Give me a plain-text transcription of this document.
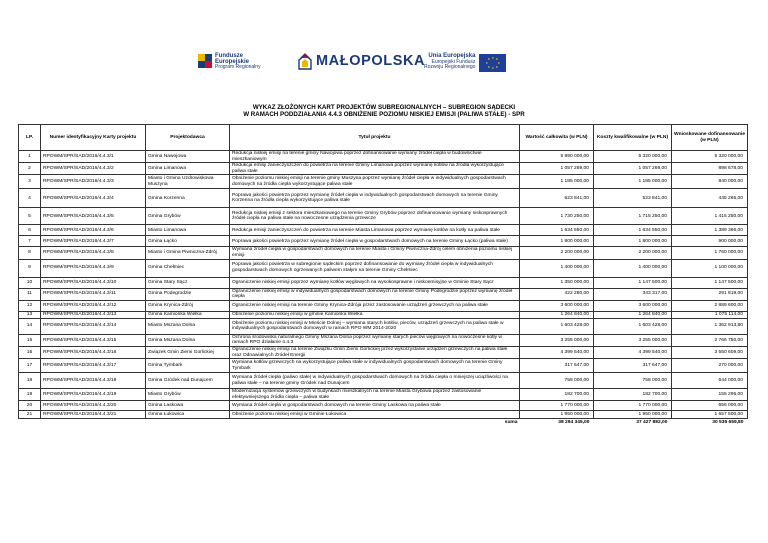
Fundusze
Europejskie
Program Regionalny	MAŁOPOLSKA Unia Europejska
Europejski Fundusz
Rozwoju Regionalnego
★ ★
★
★
★
★
★
★
WYKAZ ZŁOŻONYCH KART PROJEKTÓW SUBREGIONALNYCH – SUBREGION SĄDECKI
W RAMACH PODDZIAŁANIA 4.4.3 OBNIŻENIE POZIOMU NISKIEJ EMISJI (PALIWA STAŁE) - SPR
LP.	Numer identyfikacyjny Karty projektu	Projektodawca	Tytuł projektu	Wartość całkowita (w PLN)	Koszty kwalifikowalne (w PLN)	Wnioskowane dofinansowanie (w PLN)
1	RPOWM/SPR/SAD/2016/4.4.3/1	Gmina Nawojowa	Redukcja niskiej emisji na terenie gminy Nawojowa poprzez dofinansowanie wymiany źródeł ciepła w budownictwie mieszkaniowym	5 890 000,00	5 320 000,00	5 320 000,00
2	RPOWM/SPR/SAD/2016/4.4.3/2	Gmina Limanowa	Redukcja emisji zanieczyszczeń do powietrza na terenie Gminy Limanowa poprzez wymianę kotłów na źródła wykorzystujące paliwa stałe	1 057 269,00	1 057 269,00	898 678,00
3	RPOWM/SPR/SAD/2016/4.4.3/3	Miasto i Gmina Uzdrowiskowa Muszyna	Obniżenie poziomu niskiej emisji na terenie gminy Muszyna poprzez wymianę źródeł ciepła w indywidualnych gospodarstwach domowych na źródła ciepła wykorzystujące paliwa stałe	1 185 000,00	1 185 000,00	840 000,00
4	RPOWM/SPR/SAD/2016/4.4.3/4	Gmina Korzenna	Poprawa jakości powietrza poprzez wymianę źródeł ciepła w indywidualnych gospodarstwach domowych na terenie Gminy Korzenna na źródła ciepła wykorzystujące paliwa stałe	523 841,00	523 841,00	445 265,00
5	RPOWM/SPR/SAD/2016/4.4.3/5	Gmina Grybów	Redukcja niskiej emisji z sektora mieszkaniowego na terenie Gminy Grybów poprzez dofinansowanie wymiany niskosprawnych źródeł ciepła na paliwa stałe na nowoczesne urządzenia grzewcze	1 730 250,00	1 715 250,00	1 415 250,00
6	RPOWM/SPR/SAD/2016/4.4.3/6	Miasto Limanowa	Redukcja emisji zanieczyszczeń do powietrza na terenie Miasta Limanowa poprzez wymianę kotłów na kotły na paliwa stałe	1 634 550,00	1 634 550,00	1 389 366,00
7	RPOWM/SPR/SAD/2016/4.4.3/7	Gmina Łącko	Poprawa jakości powietrza poprzez wymianę źródeł ciepła w gospodarstwach domowych na terenie Gminy Łącko (paliwa stałe)	1 800 000,00	1 800 000,00	900 000,00
8	RPOWM/SPR/SAD/2016/4.4.3/8	Miasto i Gmina Piwniczna-Zdrój	Wymiana źródeł ciepła w gospodarstwach domowych na terenie Miasta i Gminy Piwniczna-Zdrój celem obniżenia poziomu niskiej emisji	2 200 000,00	2 200 000,00	1 760 000,00
9	RPOWM/SPR/SAD/2016/4.4.3/9	Gmina Chełmiec	Poprawa jakości powietrza w subregionie sądeckim poprzez dofinansowanie do wymiany źródeł ciepła w indywidualnych gospodarstwach domowych ogrzewanych paliwem stałym na terenie Gminy Chełmiec	1 400 000,00	1 400 000,00	1 100 000,00
10	RPOWM/SPR/SAD/2016/4.4.3/10	Gmina Stary Sącz	Ograniczenie niskiej emisji poprzez wymianę kotłów węglowych na wysokosprawne i niskoemisyjne w Gminie Stary Sącz	1 350 000,00	1 147 500,00	1 147 500,00
11	RPOWM/SPR/SAD/2016/4.4.3/11	Gmina Podegrodzie	Ograniczenie niskiej emisji w indywidualnych gospodarstwach domowych na terenie Gminy Podegrodzie poprzez wymianę źródeł ciepła	422 280,00	343 317,00	291 819,00
12	RPOWM/SPR/SAD/2016/4.4.3/12	Gmina Krynica-Zdrój	Ograniczenie niskiej emisji na terenie Gminy Krynica-Zdrója przez zastosowanie urządzeń grzewczych na paliwa stałe	3 600 000,00	3 600 000,00	2 889 600,00
13	RPOWM/SPR/SAD/2016/4.4.3/13	Gmina Kamionka Wielka	Obniżenie poziomu niskiej emisji w gminie Kamionka Wielka	1 264 840,00	1 264 840,00	1 075 114,00
14	RPOWM/SPR/SAD/2016/4.4.3/14	Miasto Mszana Dolna	Obniżenie poziomu niskiej emisji w Mieście Dolnej – wymiana starych kotłów, pieców, urządzeń grzewczych na paliwa stałe w indywidualnych gospodarstwach domowych w ramach RPO WM 2014-2020	1 603 428,00	1 603 428,00	1 362 913,80
15	RPOWM/SPR/SAD/2016/4.4.3/15	Gmina Mszana Dolna	Ochrona środowiska naturalnego Gminy Mszana Dolna poprzez wymianę starych pieców węglowych na nowoczesne kotły w ramach RPO działanie 4.4.3	3 255 000,00	3 255 000,00	2 766 750,00
16	RPOWM/SPR/SAD/2016/4.4.3/16	Związek Gmin Ziemi Gorlickiej	Ograniczenie niskiej emisji na terenie Związku Gmin Ziemi Gorlickiej przez wykorzystanie urządzeń grzewczych na paliwa stałe oraz Odnawialnych Źródeł Energii	4 399 540,00	4 399 540,00	3 550 609,00
17	RPOWM/SPR/SAD/2016/4.4.3/17	Gmina Tymbark	Wymiana kotłów grzewczych na wykorzystujące paliwa stałe w indywidualnych gospodarstwach domowych na terenie Gminy Tymbark	317 647,00	317 647,00	270 000,00
18	RPOWM/SPR/SAD/2016/4.4.3/18	Gmina Gródek nad Dunajcem	Wymiana źródeł ciepła (paliwo stałe) w indywidualnych gospodarstwach domowych na źródła ciepła o mniejszej uciążliwości na paliwa stałe – na terenie gminy Gródek nad Dunajcem	758 000,00	758 000,00	644 000,00
19	RPOWM/SPR/SAD/2016/4.4.3/19	Miasto Grybów	Modernizacja systemów grzewczych w budynkach mieszkalnych na terenie Miasta Grybowa poprzez zastosowanie efektywniejszego źródła ciepła – paliwa stałe	182 700,00	182 700,00	155 295,00
20	RPOWM/SPR/SAD/2016/4.4.3/20	Gmina Laskowa	Wymiana źródeł ciepła w gospodarstwach domowych na terenie Gminy Laskowa na paliwa stałe	1 770 000,00	1 770 000,00	656 000,00
21	RPOWM/SPR/SAD/2016/4.4.3/21	Gmina Łukowica	Obniżenie poziomu niskiej emisji w Gminie Łukowica	1 950 000,00	1 950 000,00	1 657 500,00
suma				38 294 345,00	37 427 882,00	30 535 659,80
